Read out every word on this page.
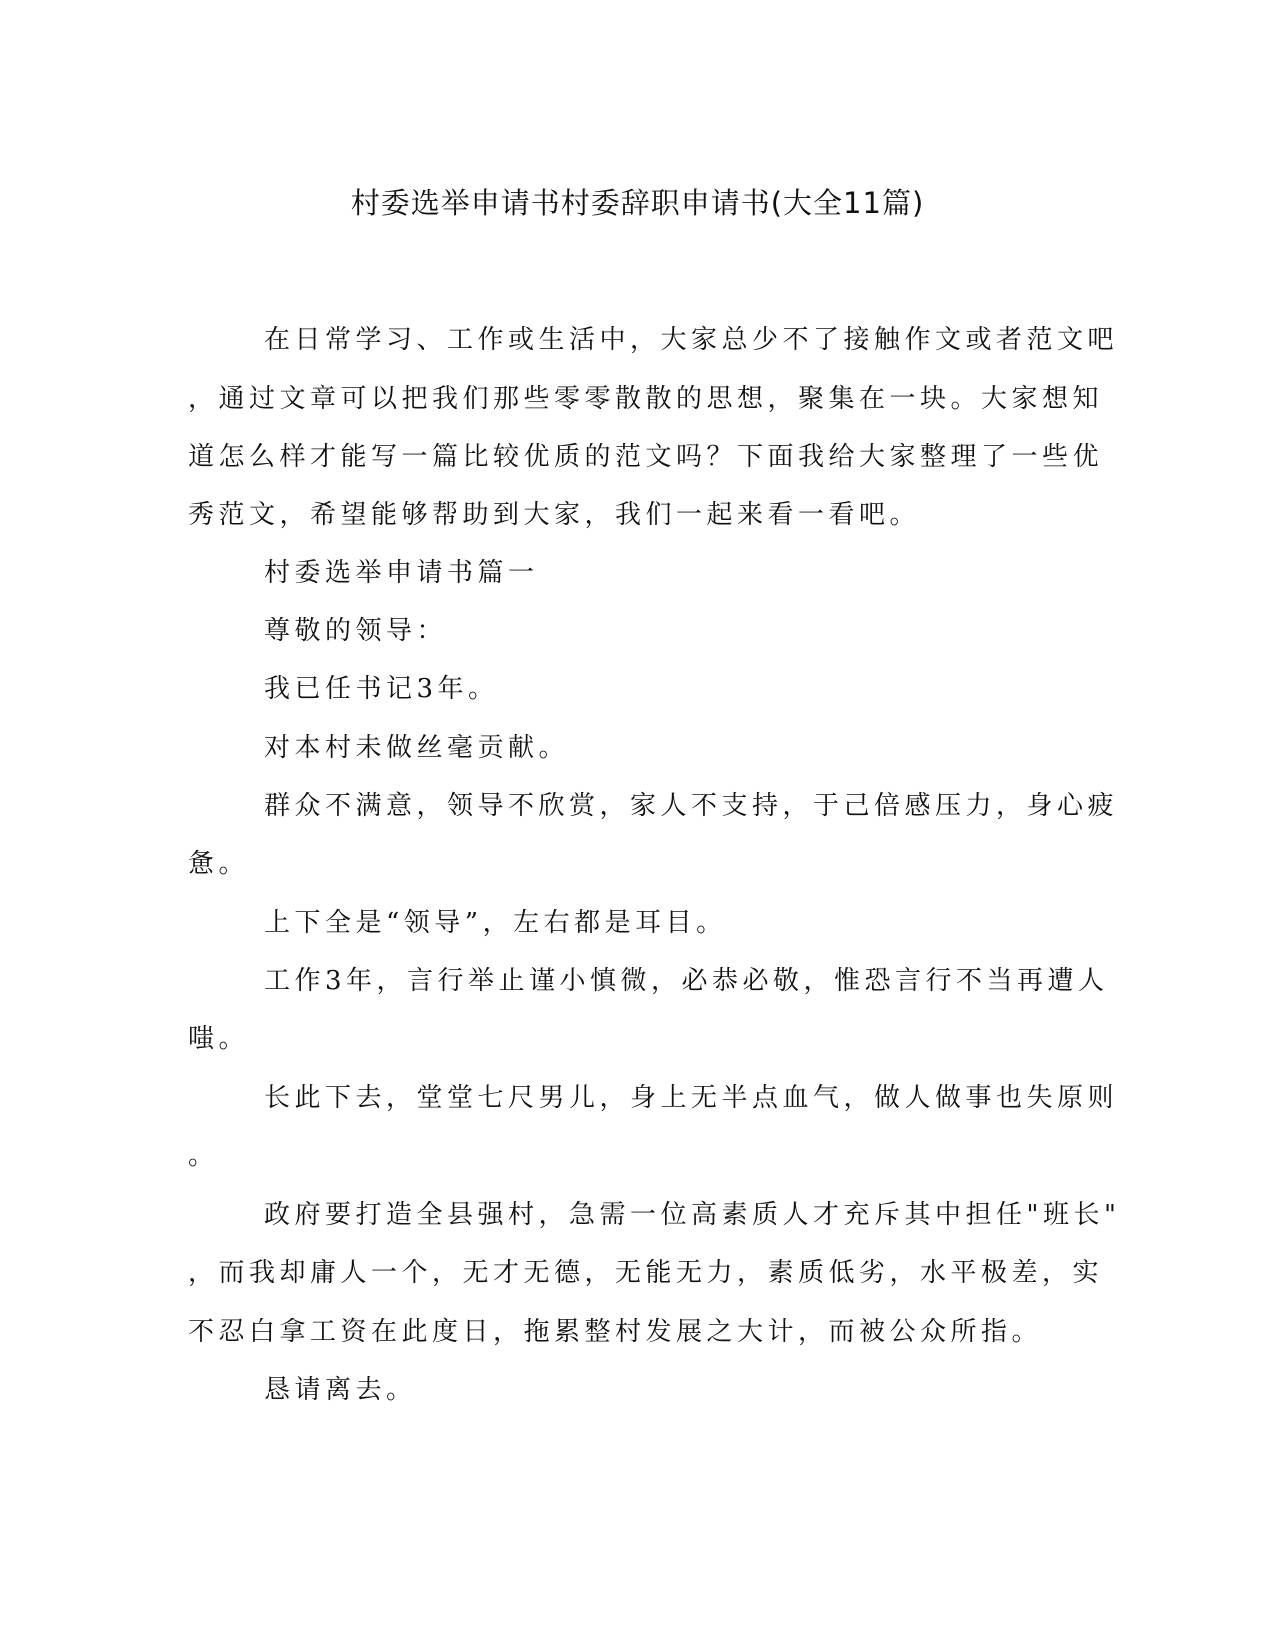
村委选举申请书村委辞职申请书(大全11篇)
在日常学习、工作或生活中，大家总少不了接触作文或者范文吧
，通过文章可以把我们那些零零散散的思想，聚集在一块。大家想知
道怎么样才能写一篇比较优质的范文吗？下面我给大家整理了一些优
秀范文，希望能够帮助到大家，我们一起来看一看吧。
村委选举申请书篇一
尊敬的领导：
我已任书记3年。
对本村未做丝毫贡献。
群众不满意，领导不欣赏，家人不支持，于己倍感压力，身心疲
惫。
上下全是“领导”，左右都是耳目。
工作3年，言行举止谨小慎微，必恭必敬，惟恐言行不当再遭人
嗤。
长此下去，堂堂七尺男儿，身上无半点血气，做人做事也失原则
。
政府要打造全县强村，急需一位高素质人才充斥其中担任"班长"
，而我却庸人一个，无才无德，无能无力，素质低劣，水平极差，实
不忍白拿工资在此度日，拖累整村发展之大计，而被公众所指。
恳请离去。
